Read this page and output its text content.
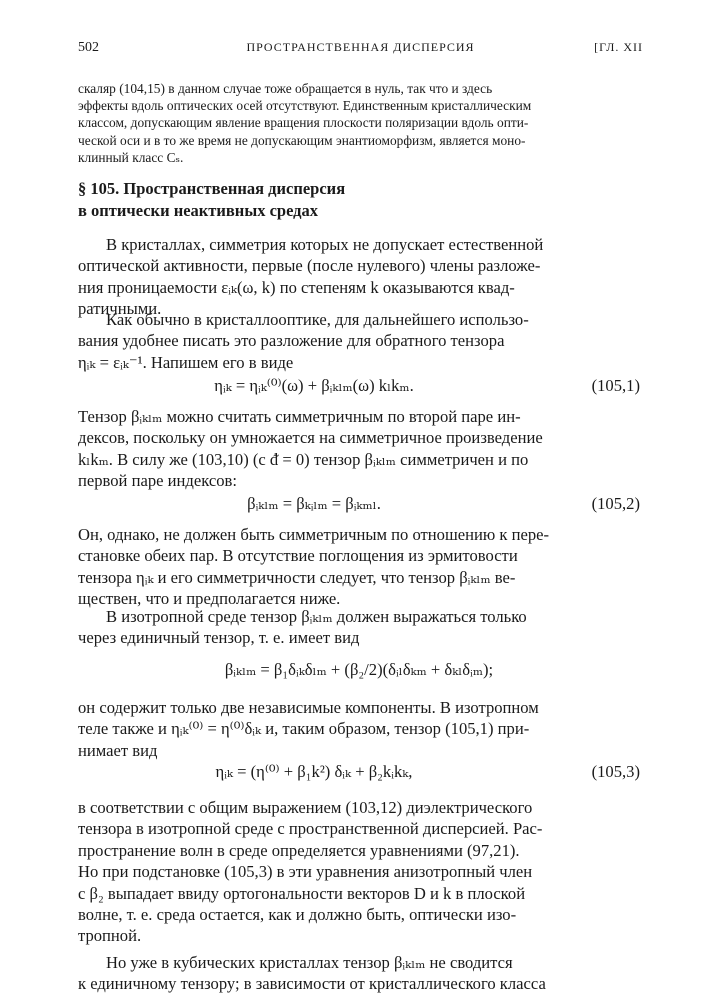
502	ПРОСТРАНСТВЕННАЯ ДИСПЕРСИЯ	[ГЛ. XII

скаляр (104,15) в данном случае тоже обращается в нуль, так что и здесь

эффекты вдоль оптических осей отсутствуют. Единственным кристаллическим

классом, допускающим явление вращения плоскости поляризации вдоль опти-

ческой оси и в то же время не допускающим энантиоморфизм, является моно-

клинный класс Cₛ.

§ 105. Пространственная дисперсия

в оптически неактивных средах

В кристаллах, симметрия которых не допускает естественной

оптической активности, первые (после нулевого) члены разложе-

ния проницаемости εᵢₖ(ω, k) по степеням k оказываются квад-

ратичными.

Как обычно в кристаллооптике, для дальнейшего использо-

вания удобнее писать это разложение для обратного тензора

ηᵢₖ = εᵢₖ⁻¹. Напишем его в виде

ηᵢₖ = ηᵢₖ⁽⁰⁾(ω) + βᵢₖₗₘ(ω) kₗkₘ.	(105,1)

Тензор βᵢₖₗₘ можно считать симметричным по второй паре ин-

дексов, поскольку он умножается на симметричное произведение

kₗkₘ. В силу же (103,10) (с ᵭ = 0) тензор βᵢₖₗₘ симметричен и по

первой паре индексов:

βᵢₖₗₘ = βₖᵢₗₘ = βᵢₖₘₗ.	(105,2)

Он, однако, не должен быть симметричным по отношению к пере-

становке обеих пар. В отсутствие поглощения из эрмитовости

тензора ηᵢₖ и его симметричности следует, что тензор βᵢₖₗₘ ве-

ществен, что и предполагается ниже.

В изотропной среде тензор βᵢₖₗₘ должен выражаться только

через единичный тензор, т. е. имеет вид

βᵢₖₗₘ = β₁δᵢₖδₗₘ + (β₂/2)(δᵢₗδₖₘ + δₖₗδᵢₘ);

он содержит только две независимые компоненты. В изотропном

теле также и ηᵢₖ⁽⁰⁾ = η⁽⁰⁾δᵢₖ и, таким образом, тензор (105,1) при-

нимает вид

ηᵢₖ = (η⁽⁰⁾ + β₁k²) δᵢₖ + β₂kᵢkₖ,	(105,3)

в соответствии с общим выражением (103,12) диэлектрического

тензора в изотропной среде с пространственной дисперсией. Рас-

пространение волн в среде определяется уравнениями (97,21).

Но при подстановке (105,3) в эти уравнения анизотропный член

с β₂ выпадает ввиду ортогональности векторов D и k в плоской

волне, т. е. среда остается, как и должно быть, оптически изо-

тропной.

Но уже в кубических кристаллах тензор βᵢₖₗₘ не сводится

к единичному тензору; в зависимости от кристаллического класса
